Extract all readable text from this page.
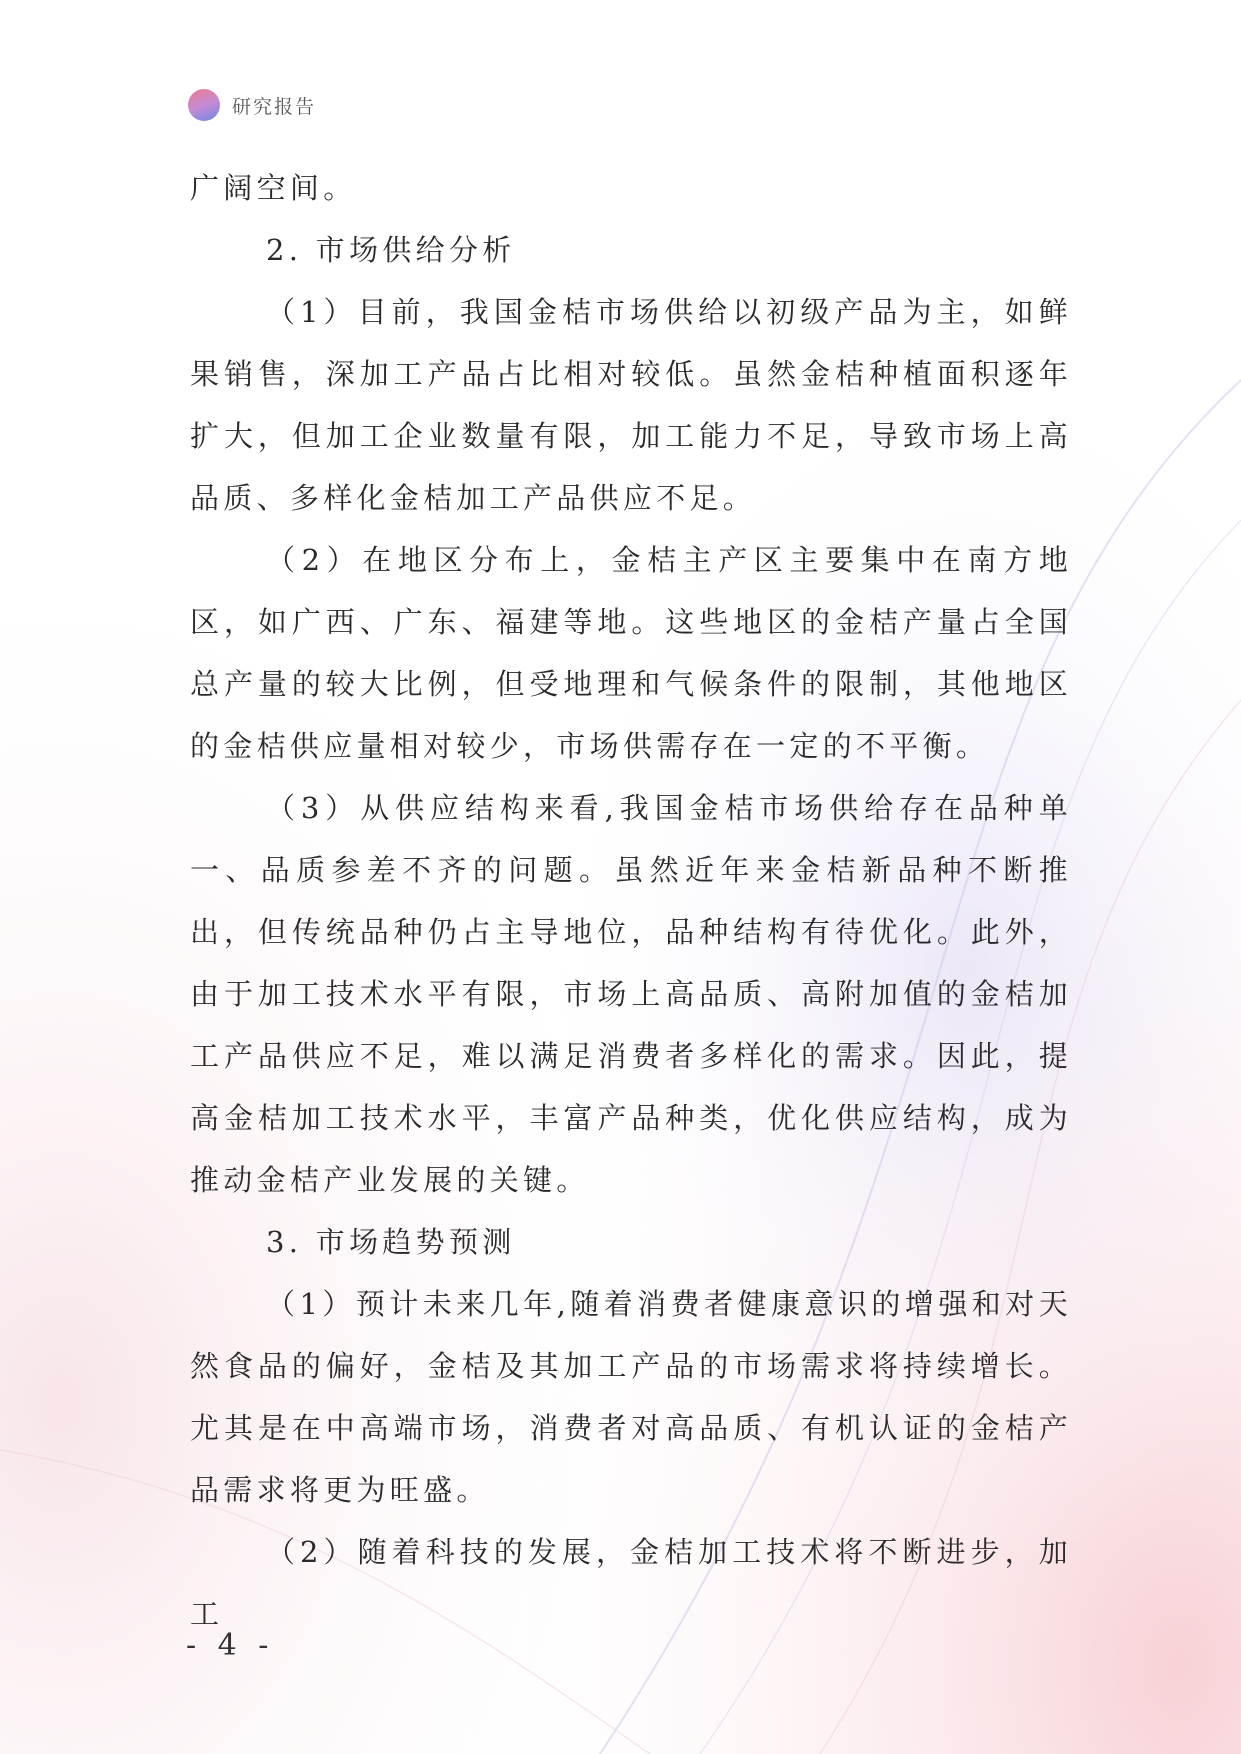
研究报告

广阔空间。

2. 市场供给分析

（1）目前，我国金桔市场供给以初级产品为主，如鲜果销售，深加工产品占比相对较低。虽然金桔种植面积逐年扩大，但加工企业数量有限，加工能力不足，导致市场上高品质、多样化金桔加工产品供应不足。

（2）在地区分布上，金桔主产区主要集中在南方地区，如广西、广东、福建等地。这些地区的金桔产量占全国总产量的较大比例，但受地理和气候条件的限制，其他地区的金桔供应量相对较少，市场供需存在一定的不平衡。

（3）从供应结构来看,我国金桔市场供给存在品种单一、品质参差不齐的问题。虽然近年来金桔新品种不断推出，但传统品种仍占主导地位，品种结构有待优化。此外，由于加工技术水平有限，市场上高品质、高附加值的金桔加工产品供应不足，难以满足消费者多样化的需求。因此，提高金桔加工技术水平，丰富产品种类，优化供应结构，成为推动金桔产业发展的关键。

3. 市场趋势预测

（1）预计未来几年,随着消费者健康意识的增强和对天然食品的偏好，金桔及其加工产品的市场需求将持续增长。尤其是在中高端市场，消费者对高品质、有机认证的金桔产品需求将更为旺盛。

（2）随着科技的发展，金桔加工技术将不断进步，加工

- 4 -
